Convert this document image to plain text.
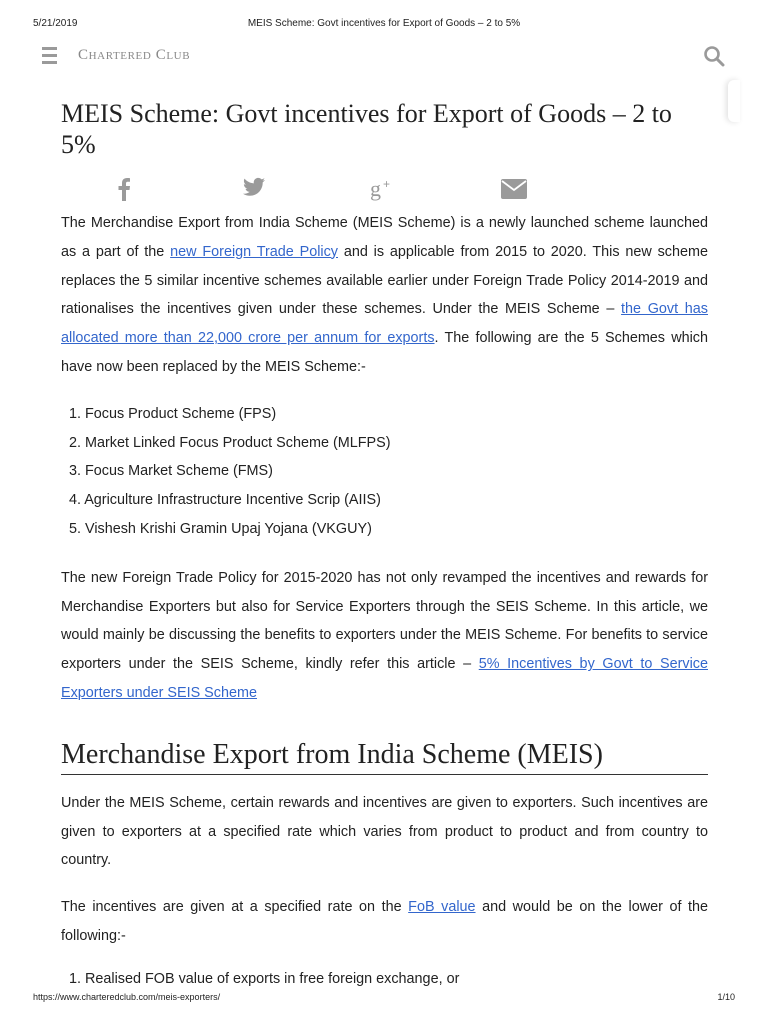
5/21/2019	MEIS Scheme: Govt incentives for Export of Goods – 2 to 5%
Chartered Club
MEIS Scheme: Govt incentives for Export of Goods – 2 to 5%
g +

The Merchandise Export from India Scheme (MEIS Scheme) is a newly launched scheme launched as a part of the new Foreign Trade Policy and is applicable from 2015 to 2020. This new scheme replaces the 5 similar incentive schemes available earlier under Foreign Trade Policy 2014-2019 and rationalises the incentives given under these schemes. Under the MEIS Scheme – the Govt has allocated more than 22,000 crore per annum for exports. The following are the 5 Schemes which have now been replaced by the MEIS Scheme:-

1. Focus Product Scheme (FPS)
2. Market Linked Focus Product Scheme (MLFPS)
3. Focus Market Scheme (FMS)
4. Agriculture Infrastructure Incentive Scrip (AIIS)
5. Vishesh Krishi Gramin Upaj Yojana (VKGUY)

The new Foreign Trade Policy for 2015-2020 has not only revamped the incentives and rewards for Merchandise Exporters but also for Service Exporters through the SEIS Scheme. In this article, we would mainly be discussing the benefits to exporters under the MEIS Scheme. For benefits to service exporters under the SEIS Scheme, kindly refer this article – 5% Incentives by Govt to Service Exporters under SEIS Scheme

Merchandise Export from India Scheme (MEIS)

Under the MEIS Scheme, certain rewards and incentives are given to exporters. Such incentives are given to exporters at a specified rate which varies from product to product and from country to country.

The incentives are given at a specified rate on the FoB value and would be on the lower of the following:-

1. Realised FOB value of exports in free foreign exchange, or
https://www.charteredclub.com/meis-exporters/	1/10
